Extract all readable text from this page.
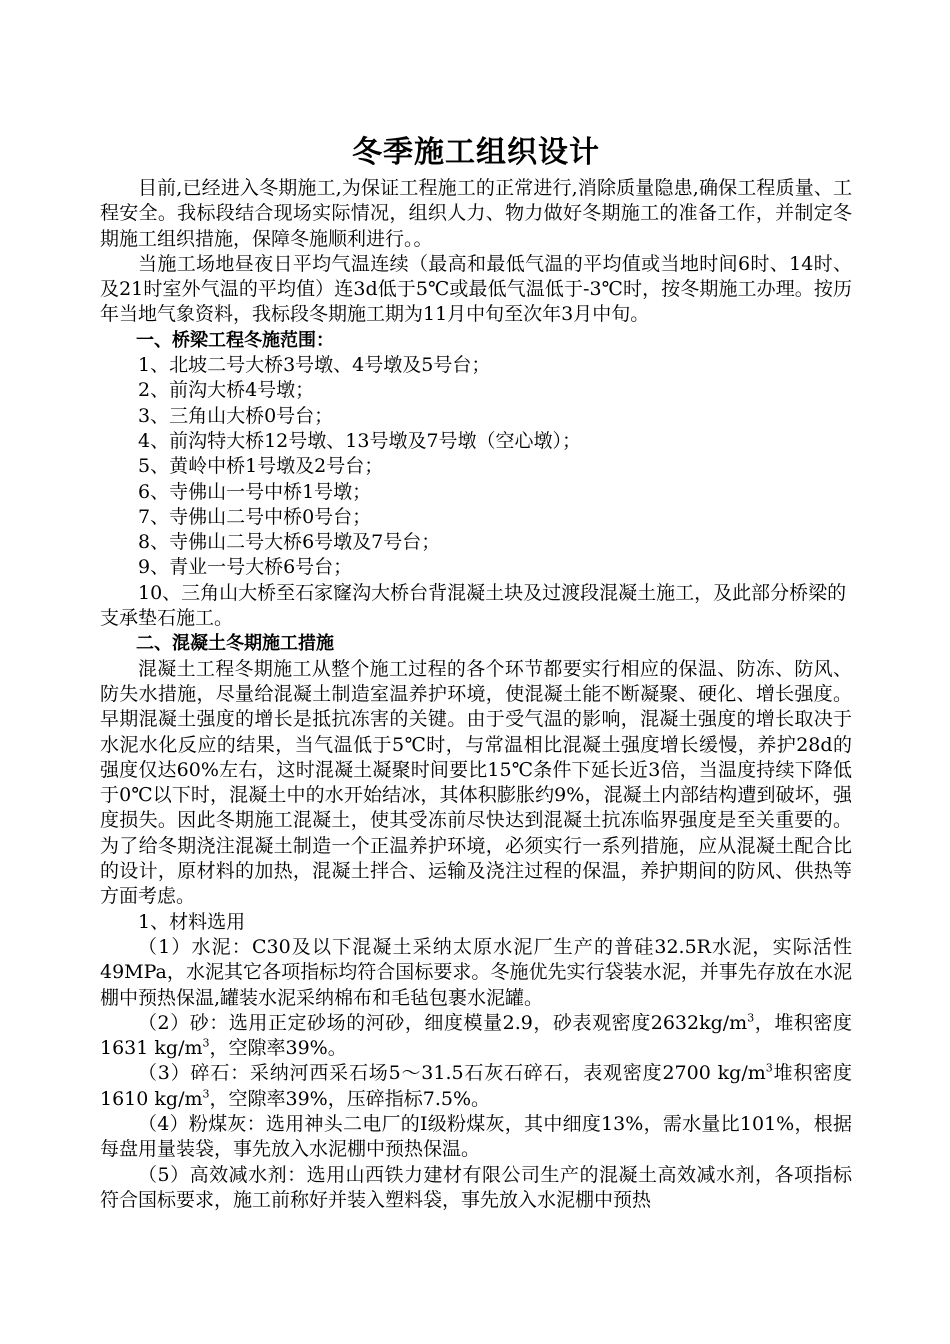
冬季施工组织设计

目前,已经进入冬期施工,为保证工程施工的正常进行,消除质量隐患,确保工程质量、工程安全。我标段结合现场实际情况，组织人力、物力做好冬期施工的准备工作，并制定冬期施工组织措施，保障冬施顺利进行。。

当施工场地昼夜日平均气温连续（最高和最低气温的平均值或当地时间6时、14时、及21时室外气温的平均值）连3d低于5℃或最低气温低于-3℃时，按冬期施工办理。按历年当地气象资料，我标段冬期施工期为11月中旬至次年3月中旬。

一、桥梁工程冬施范围：

1、北坡二号大桥3号墩、4号墩及5号台；

2、前沟大桥4号墩；

3、三角山大桥0号台；

4、前沟特大桥12号墩、13号墩及7号墩（空心墩）；

5、黄岭中桥1号墩及2号台；

6、寺佛山一号中桥1号墩；

7、寺佛山二号中桥0号台；

8、寺佛山二号大桥6号墩及7号台；

9、青业一号大桥6号台；

10、三角山大桥至石家窿沟大桥台背混凝土块及过渡段混凝土施工，及此部分桥梁的支承垫石施工。

二、混凝土冬期施工措施

混凝土工程冬期施工从整个施工过程的各个环节都要实行相应的保温、防冻、防风、防失水措施，尽量给混凝土制造室温养护环境，使混凝土能不断凝聚、硬化、增长强度。早期混凝土强度的增长是抵抗冻害的关键。由于受气温的影响，混凝土强度的增长取决于水泥水化反应的结果，当气温低于5℃时，与常温相比混凝土强度增长缓慢，养护28d的强度仅达60%左右，这时混凝土凝聚时间要比15℃条件下延长近3倍，当温度持续下降低于0℃以下时，混凝土中的水开始结冰，其体积膨胀约9%，混凝土内部结构遭到破坏，强度损失。因此冬期施工混凝土，使其受冻前尽快达到混凝土抗冻临界强度是至关重要的。为了给冬期浇注混凝土制造一个正温养护环境，必须实行一系列措施，应从混凝土配合比的设计，原材料的加热，混凝土拌合、运输及浇注过程的保温，养护期间的防风、供热等方面考虑。

1、材料选用

（1）水泥：C30及以下混凝土采纳太原水泥厂生产的普硅32.5R水泥，实际活性49MPa，水泥其它各项指标均符合国标要求。冬施优先实行袋装水泥，并事先存放在水泥棚中预热保温,罐装水泥采纳棉布和毛毡包裹水泥罐。

（2）砂：选用正定砂场的河砂，细度模量2.9，砂表观密度$2632kg/m^3$，堆积密度1631 $kg/m^3$，空隙率39%。

（3）碎石：采纳河西采石场5～31.5石灰石碎石，表观密度2700 $kg/m^3$堆积密度1610 $kg/m^3$，空隙率39%，压碎指标7.5%。

（4）粉煤灰：选用神头二电厂的Ⅰ级粉煤灰，其中细度13%，需水量比101%，根据每盘用量装袋，事先放入水泥棚中预热保温。

（5）高效减水剂：选用山西铁力建材有限公司生产的混凝土高效减水剂，各项指标符合国标要求，施工前称好并装入塑料袋，事先放入水泥棚中预热
